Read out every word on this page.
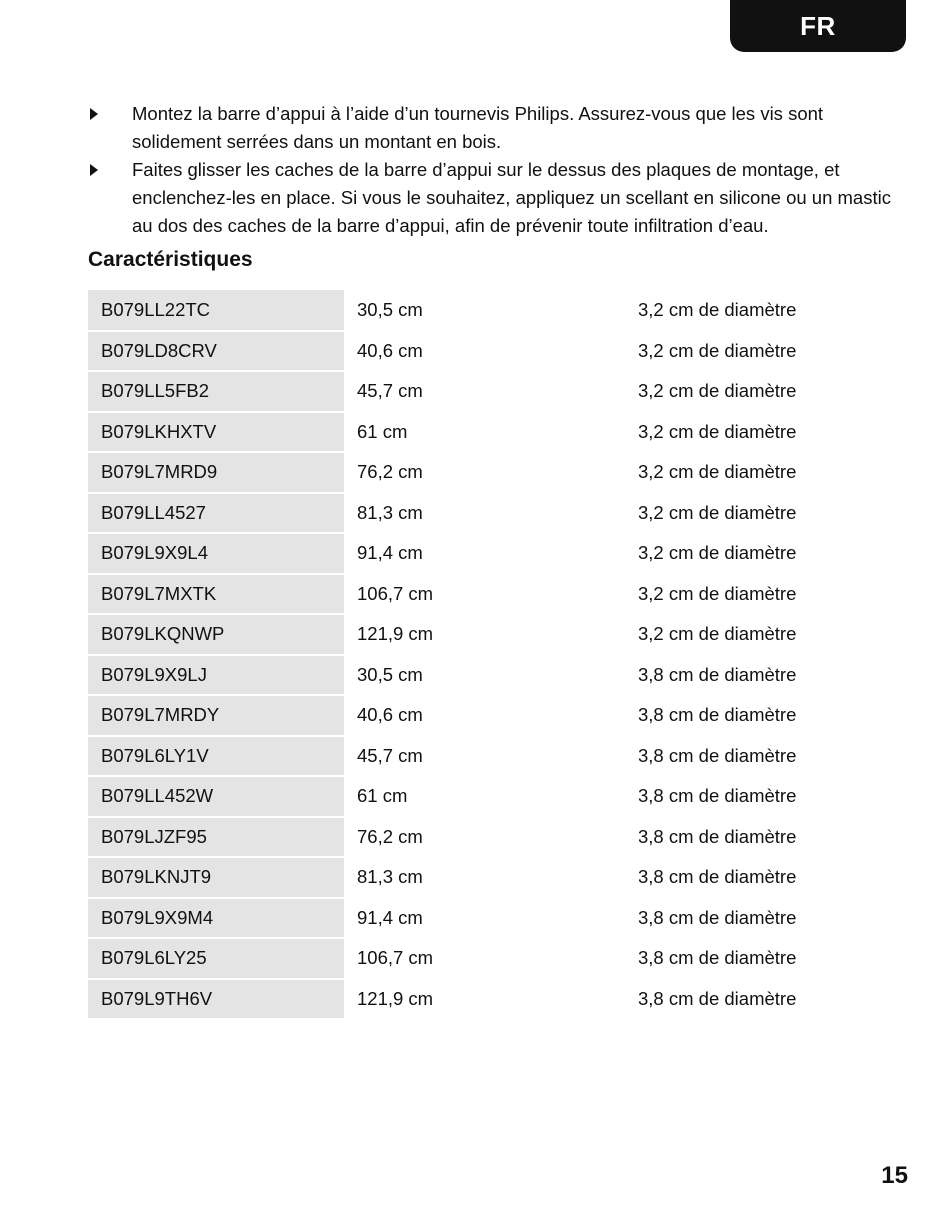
FR
Montez la barre d’appui à l’aide d’un tournevis Philips. Assurez-vous que les vis sont solidement serrées dans un montant en bois.
Faites glisser les caches de la barre d’appui sur le dessus des plaques de montage, et enclenchez-les en place. Si vous le souhaitez, appliquez un scellant en silicone ou un mastic au dos des caches de la barre d’appui, afin de prévenir toute infiltration d’eau.
Caractéristiques
B079LL22TC	30,5 cm	3,2 cm de diamètre
B079LD8CRV	40,6 cm	3,2 cm de diamètre
B079LL5FB2	45,7 cm	3,2 cm de diamètre
B079LKHXTV	61 cm	3,2 cm de diamètre
B079L7MRD9	76,2 cm	3,2 cm de diamètre
B079LL4527	81,3 cm	3,2 cm de diamètre
B079L9X9L4	91,4 cm	3,2 cm de diamètre
B079L7MXTK	106,7 cm	3,2 cm de diamètre
B079LKQNWP	121,9 cm	3,2 cm de diamètre
B079L9X9LJ	30,5 cm	3,8 cm de diamètre
B079L7MRDY	40,6 cm	3,8 cm de diamètre
B079L6LY1V	45,7 cm	3,8 cm de diamètre
B079LL452W	61 cm	3,8 cm de diamètre
B079LJZF95	76,2 cm	3,8 cm de diamètre
B079LKNJT9	81,3 cm	3,8 cm de diamètre
B079L9X9M4	91,4 cm	3,8 cm de diamètre
B079L6LY25	106,7 cm	3,8 cm de diamètre
B079L9TH6V	121,9 cm	3,8 cm de diamètre
15
